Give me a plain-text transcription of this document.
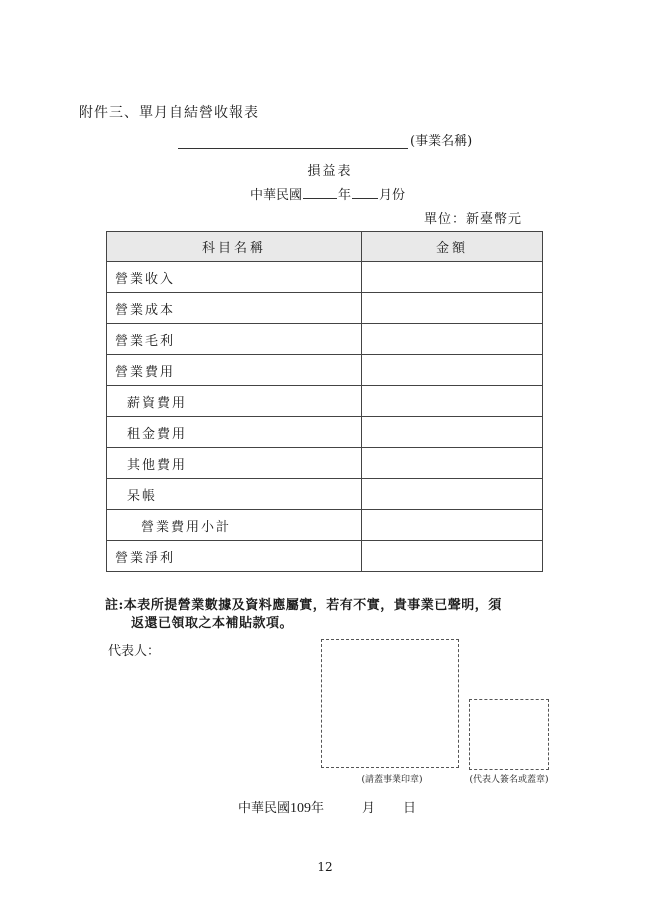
附件三、單月自結營收報表
(事業名稱)
損益表
中華民國	年 月份
單位：新臺幣元
科目名稱	金額
營業收入	
營業成本	
營業毛利	
營業費用	
薪資費用	
租金費用	
其他費用	
呆帳	
營業費用小計	
營業淨利	
註:本表所提營業數據及資料應屬實，若有不實，貴事業已聲明，須
返還已領取之本補貼款項。
代表人：
(請蓋事業印章)	(代表人簽名或蓋章)
中華民國109年	月 日
12
